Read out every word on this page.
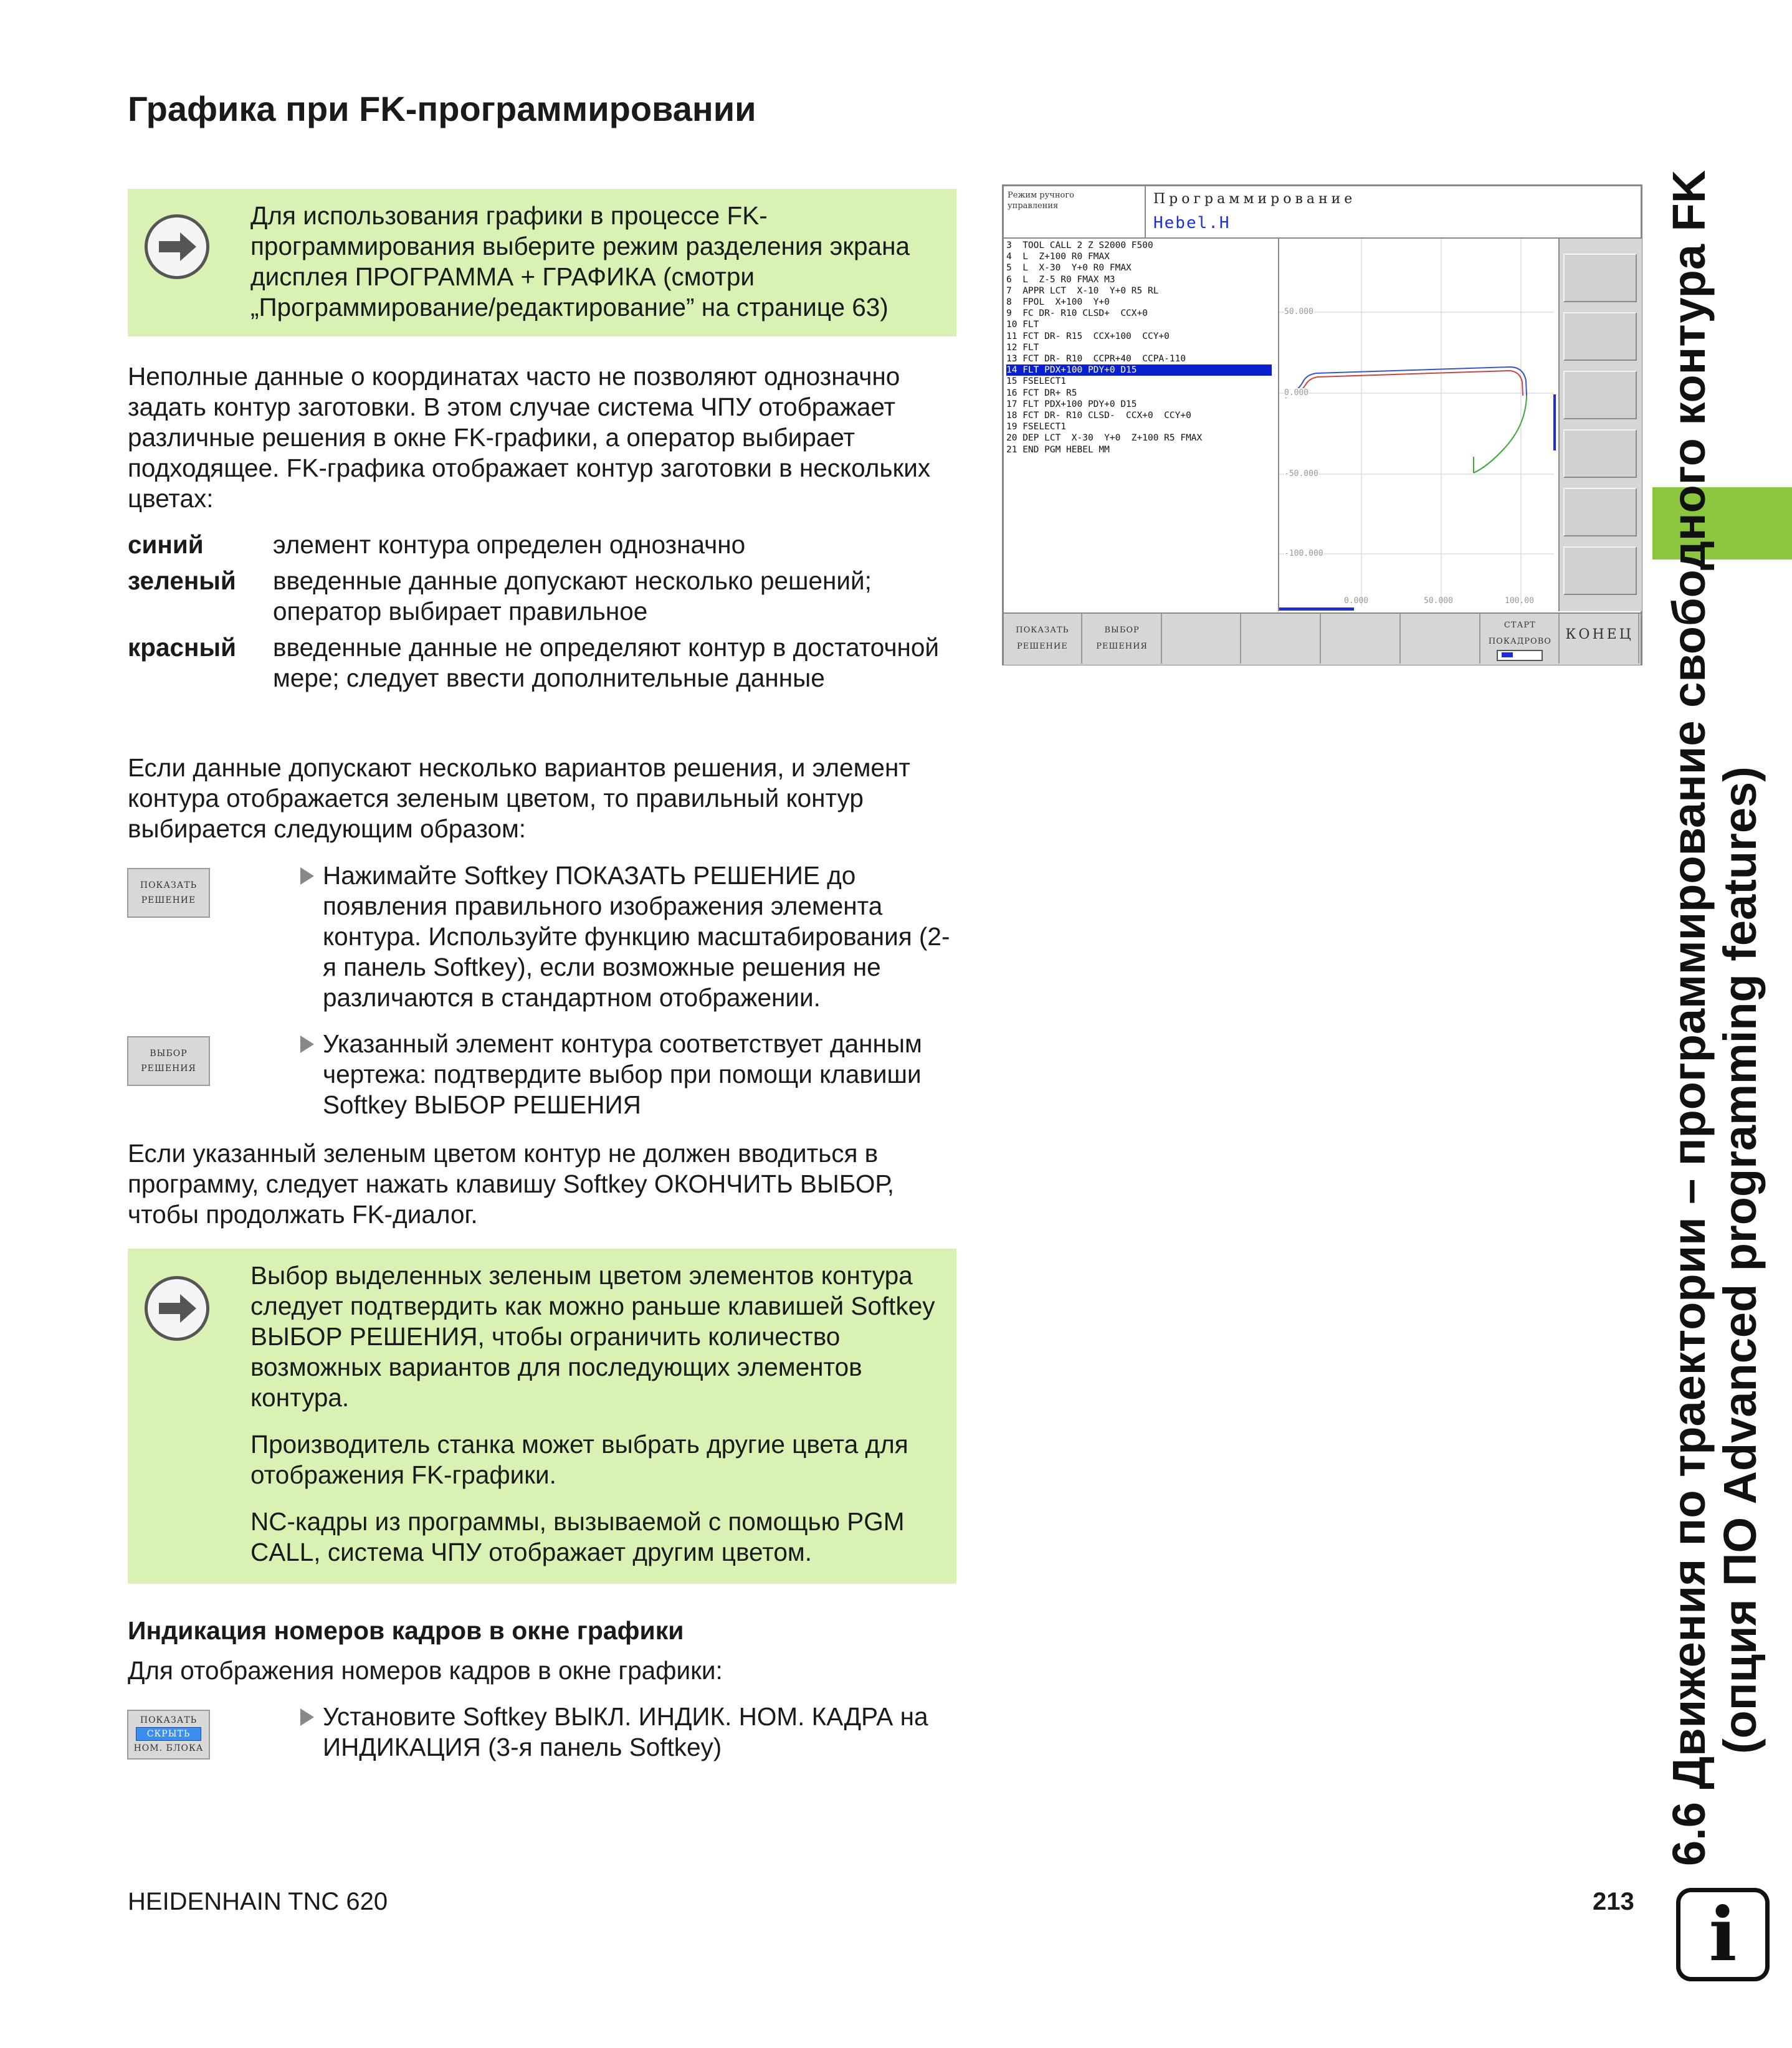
Графика при FK-программировании
Для использования графики в процессе FK-программирования выберите режим разделения экрана дисплея ПРОГРАММА + ГРАФИКА (смотри „Программирование/редактирование” на странице 63)
Неполные данные о координатах часто не позволяют однозначно задать контур заготовки. В этом случае система ЧПУ отображает различные решения в окне FK-графики, а оператор выбирает подходящее. FK-графика отображает контур заготовки в нескольких цветах:
синий	элемент контура определен однозначно
зеленый введенные данные допускают несколько решений; оператор выбирает правильное
красный введенные данные не определяют контур в достаточной мере; следует ввести дополнительные данные
Если данные допускают несколько вариантов решения, и элемент контура отображается зеленым цветом, то правильный контур выбирается следующим образом:
ПОКАЗАТЬ
РЕШЕНИЕ
Нажимайте Softkey ПОКАЗАТЬ РЕШЕНИЕ до появления правильного изображения элемента контура. Используйте функцию масштабирования (2-я панель Softkey), если возможные решения не различаются в стандартном отображении.
ВЫБОР
РЕШЕНИЯ
Указанный элемент контура соответствует данным чертежа: подтвердите выбор при помощи клавиши Softkey ВЫБОР РЕШЕНИЯ
Если указанный зеленым цветом контур не должен вводиться в программу, следует нажать клавишу Softkey ОКОНЧИТЬ ВЫБОР, чтобы продолжать FK-диалог.

Выбор выделенных зеленым цветом элементов контура следует подтвердить как можно раньше клавишей Softkey ВЫБОР РЕШЕНИЯ, чтобы ограничить количество возможных вариантов для последующих элементов контура.

Производитель станка может выбрать другие цвета для отображения FK-графики.

NC-кадры из программы, вызываемой с помощью PGM CALL, система ЧПУ отображает другим цветом.

Индикация номеров кадров в окне графики
Для отображения номеров кадров в окне графики:
ПОКАЗАТЬ
СКРЫТЬ
НОМ. БЛОКА
Установите Softkey ВЫКЛ. ИНДИК. НОМ. КАДРА на ИНДИКАЦИЯ (3-я панель Softkey)
HEIDENHAIN TNC 620	213
6.6 Движения по траектории – программирование свободного контура FK (опция ПО Advanced programming features)
i
Режим ручного
управления	Программирование
Hebel.H
3  TOOL CALL 2 Z S2000 F500
4  L  Z+100 R0 FMAX
5  L  X-30  Y+0 R0 FMAX
6  L  Z-5 R0 FMAX M3
7  APPR LCT  X-10  Y+0 R5 RL
8  FPOL  X+100  Y+0
9  FC DR- R10 CLSD+  CCX+0
10 FLT
11 FCT DR- R15  CCX+100  CCY+0
12 FLT
13 FCT DR- R10  CCPR+40  CCPA-110
14 FLT PDX+100 PDY+0 D15
15 FSELECT1
16 FCT DR+ R5
17 FLT PDX+100 PDY+0 D15
18 FCT DR- R10 CLSD-  CCX+0  CCY+0
19 FSELECT1
20 DEP LCT  X-30  Y+0  Z+100 R5 FMAX
21 END PGM HEBEL MM
50.000
0.000
-50.000
-100.000
0.000	50.000	100.00
ПОКАЗАТЬ
РЕШЕНИЕ
ВЫБОР
РЕШЕНИЯ
СТАРТ
ПОКАДРОВО	КОНЕЦ
